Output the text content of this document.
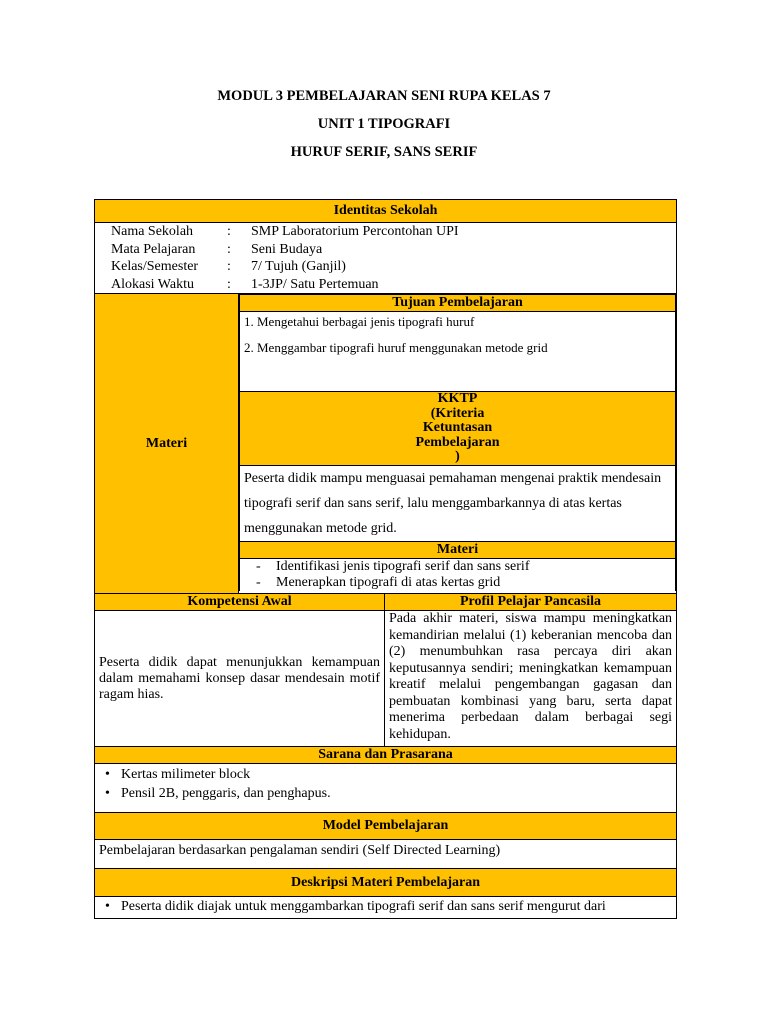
MODUL 3 PEMBELAJARAN SENI RUPA KELAS 7
UNIT 1 TIPOGRAFI
HURUF SERIF, SANS SERIF
Identitas Sekolah

Nama Sekolah	:	SMP Laboratorium Percontohan UPI
Mata Pelajaran	:	Seni Budaya
Kelas/Semester	:	7/ Tujuh (Ganjil)
Alokasi Waktu	:	1-3JP/ Satu Pertemuan

Materi	
Tujuan Pembelajaran

1. Mengetahui berbagai jenis tipografi huruf
2. Menggambar tipografi huruf menggunakan metode grid

KKTP
(Kriteria
Ketuntasan
Pembelajaran
)

Peserta didik mampu menguasai pemahaman mengenai praktik mendesain tipografi serif dan sans serif, lalu menggambarkannya di atas kertas menggunakan metode grid.
Materi

- Identifikasi jenis tipografi serif dan sans serif
- Menerapkan tipografi di atas kertas grid

Kompetensi Awal	Profil Pelajar Pancasila
Peserta didik dapat menunjukkan kemampuan dalam memahami konsep dasar mendesain motif ragam hias.	Pada akhir materi, siswa mampu meningkatkan kemandirian melalui (1) keberanian mencoba dan (2) menumbuhkan rasa percaya diri akan keputusannya sendiri; meningkatkan kemampuan kreatif melalui pengembangan gagasan dan pembuatan kombinasi yang baru, serta dapat menerima perbedaan dalam berbagai segi kehidupan.
Sarana dan Prasarana

• Kertas milimeter block
• Pensil 2B, penggaris, dan penghapus.

Model Pembelajaran
Pembelajaran berdasarkan pengalaman sendiri (Self Directed Learning)
Deskripsi Materi Pembelajaran

• Peserta didik diajak untuk menggambarkan tipografi serif dan sans serif mengurut dari
